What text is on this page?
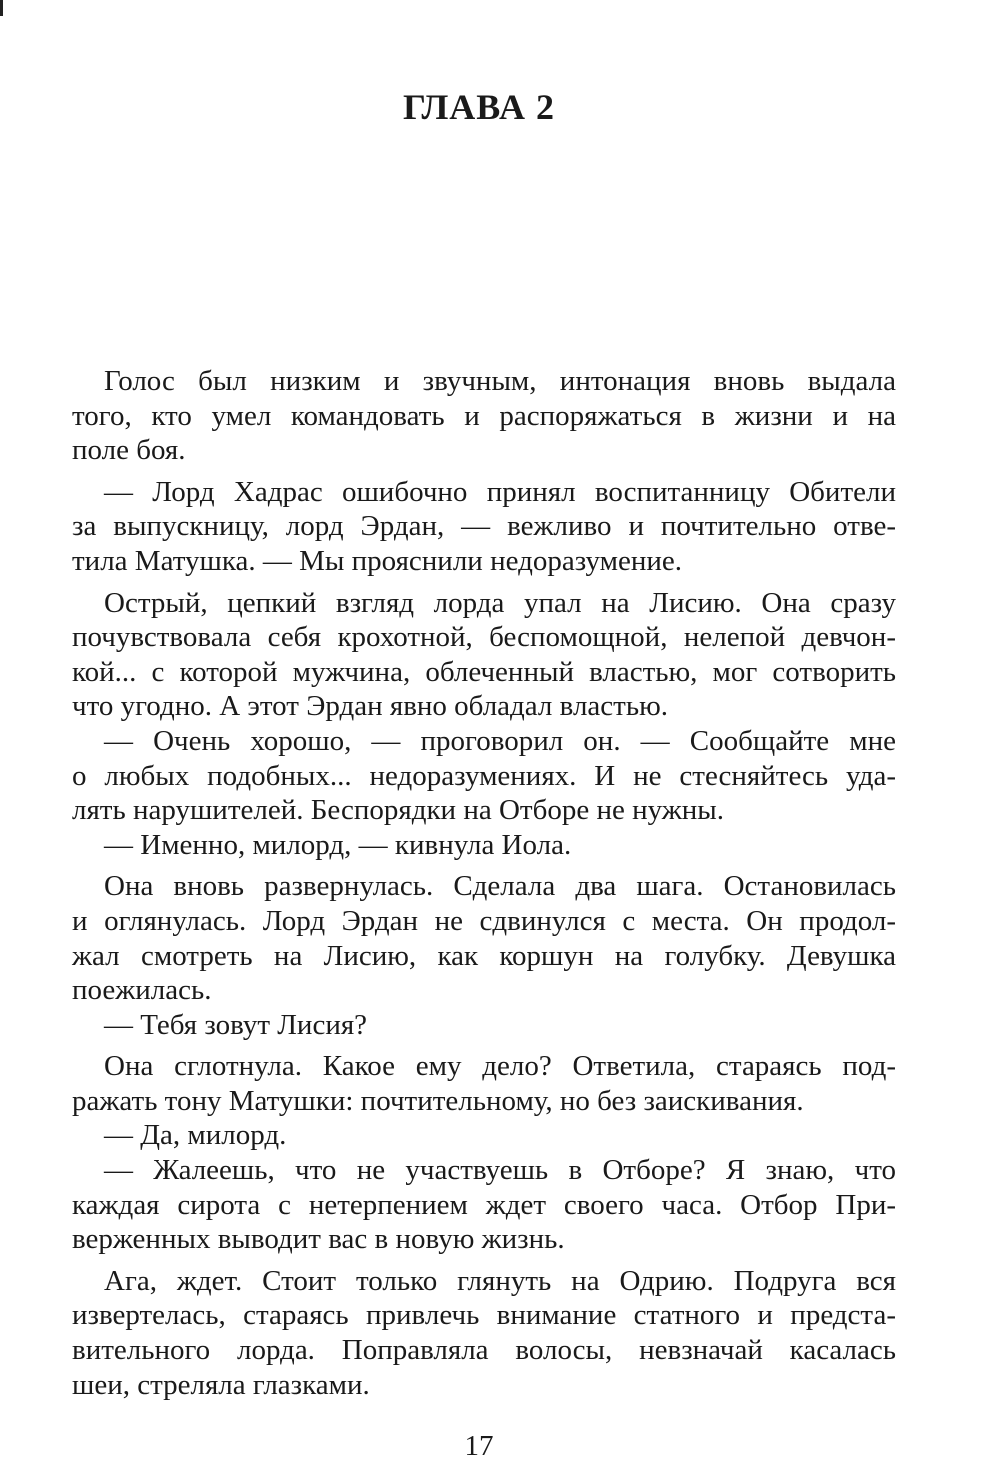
ГЛАВА 2
Голос был низким и звучным, интонация вновь выдала
того, кто умел командовать и распоряжаться в жизни и на
поле боя.
— Лорд Хадрас ошибочно принял воспитанницу Обители
за выпускницу, лорд Эрдан, — вежливо и почтительно отве-
тила Матушка. — Мы прояснили недоразумение.
Острый, цепкий взгляд лорда упал на Лисию. Она сразу
почувствовала себя крохотной, беспомощной, нелепой девчон-
кой... с которой мужчина, облеченный властью, мог сотворить
что угодно. А этот Эрдан явно обладал властью.
— Очень хорошо, — проговорил он. — Сообщайте мне
о любых подобных... недоразумениях. И не стесняйтесь уда-
лять нарушителей. Беспорядки на Отборе не нужны.
— Именно, милорд, — кивнула Иола.
Она вновь развернулась. Сделала два шага. Остановилась
и оглянулась. Лорд Эрдан не сдвинулся с места. Он продол-
жал смотреть на Лисию, как коршун на голубку. Девушка
поежилась.
— Тебя зовут Лисия?
Она сглотнула. Какое ему дело? Ответила, стараясь под-
ражать тону Матушки: почтительному, но без заискивания.
— Да, милорд.
— Жалеешь, что не участвуешь в Отборе? Я знаю, что
каждая сирота с нетерпением ждет своего часа. Отбор При-
верженных выводит вас в новую жизнь.
Ага, ждет. Стоит только глянуть на Одрию. Подруга вся
извертелась, стараясь привлечь внимание статного и предста-
вительного лорда. Поправляла волосы, невзначай касалась
шеи, стреляла глазками.

17
